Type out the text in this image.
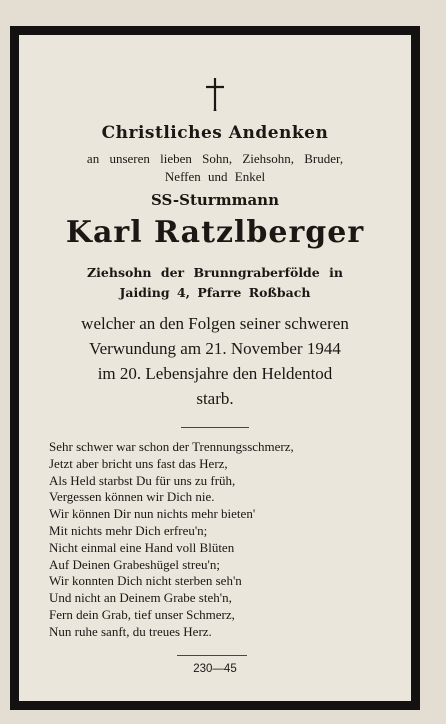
Christliches Andenken
an unseren lieben Sohn, Ziehsohn, Bruder,
Neffen und Enkel
SS-Sturmmann
Karl Ratzlberger
Ziehsohn der Brunngraberfölde in
Jaiding 4, Pfarre Roßbach
welcher an den Folgen seiner schweren
Verwundung am 21. November 1944
im 20. Lebensjahre den Heldentod
starb.
Sehr schwer war schon der Trennungsschmerz,
Jetzt aber bricht uns fast das Herz,
Als Held starbst Du für uns zu früh,
Vergessen können wir Dich nie.
Wir können Dir nun nichts mehr bieten'
Mit nichts mehr Dich erfreu'n;
Nicht einmal eine Hand voll Blüten
Auf Deinen Grabeshügel streu'n;
Wir konnten Dich nicht sterben seh'n
Und nicht an Deinem Grabe steh'n,
Fern dein Grab, tief unser Schmerz,
Nun ruhe sanft, du treues Herz.
230—45
